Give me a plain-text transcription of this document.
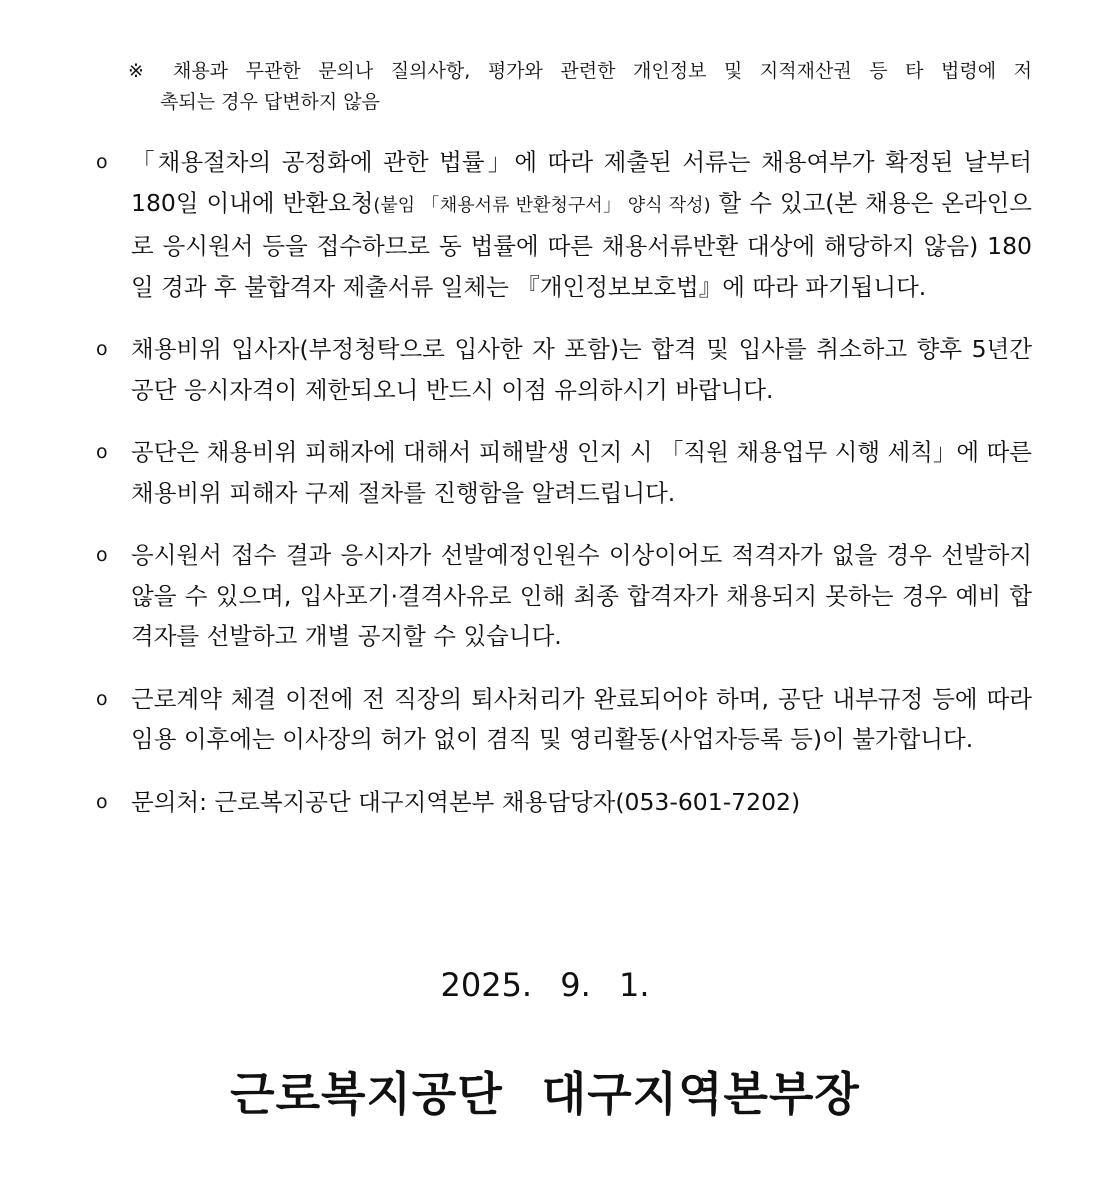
※ 채용과 무관한 문의나 질의사항, 평가와 관련한 개인정보 및 지적재산권 등 타 법령에 저
촉되는 경우 답변하지 않음
o 「채용절차의 공정화에 관한 법률」에 따라 제출된 서류는 채용여부가 확정된 날부터 180일 이내에 반환요청(붙임 「채용서류 반환청구서」 양식 작성) 할 수 있고(본 채용은 온라인으로 응시원서 등을 접수하므로 동 법률에 따른 채용서류반환 대상에 해당하지 않음) 180일 경과 후 불합격자 제출서류 일체는 『개인정보보호법』에 따라 파기됩니다.
o 채용비위 입사자(부정청탁으로 입사한 자 포함)는 합격 및 입사를 취소하고 향후 5년간 공단 응시자격이 제한되오니 반드시 이점 유의하시기 바랍니다.
o 공단은 채용비위 피해자에 대해서 피해발생 인지 시 「직원 채용업무 시행 세칙」에 따른 채용비위 피해자 구제 절차를 진행함을 알려드립니다.
o 응시원서 접수 결과 응시자가 선발예정인원수 이상이어도 적격자가 없을 경우 선발하지 않을 수 있으며, 입사포기·결격사유로 인해 최종 합격자가 채용되지 못하는 경우 예비 합격자를 선발하고 개별 공지할 수 있습니다.
o 근로계약 체결 이전에 전 직장의 퇴사처리가 완료되어야 하며, 공단 내부규정 등에 따라 임용 이후에는 이사장의 허가 없이 겸직 및 영리활동(사업자등록 등)이 불가합니다.
o 문의처: 근로복지공단 대구지역본부 채용담당자(053-601-7202)
2025. 9. 1.
근로복지공단 대구지역본부장
